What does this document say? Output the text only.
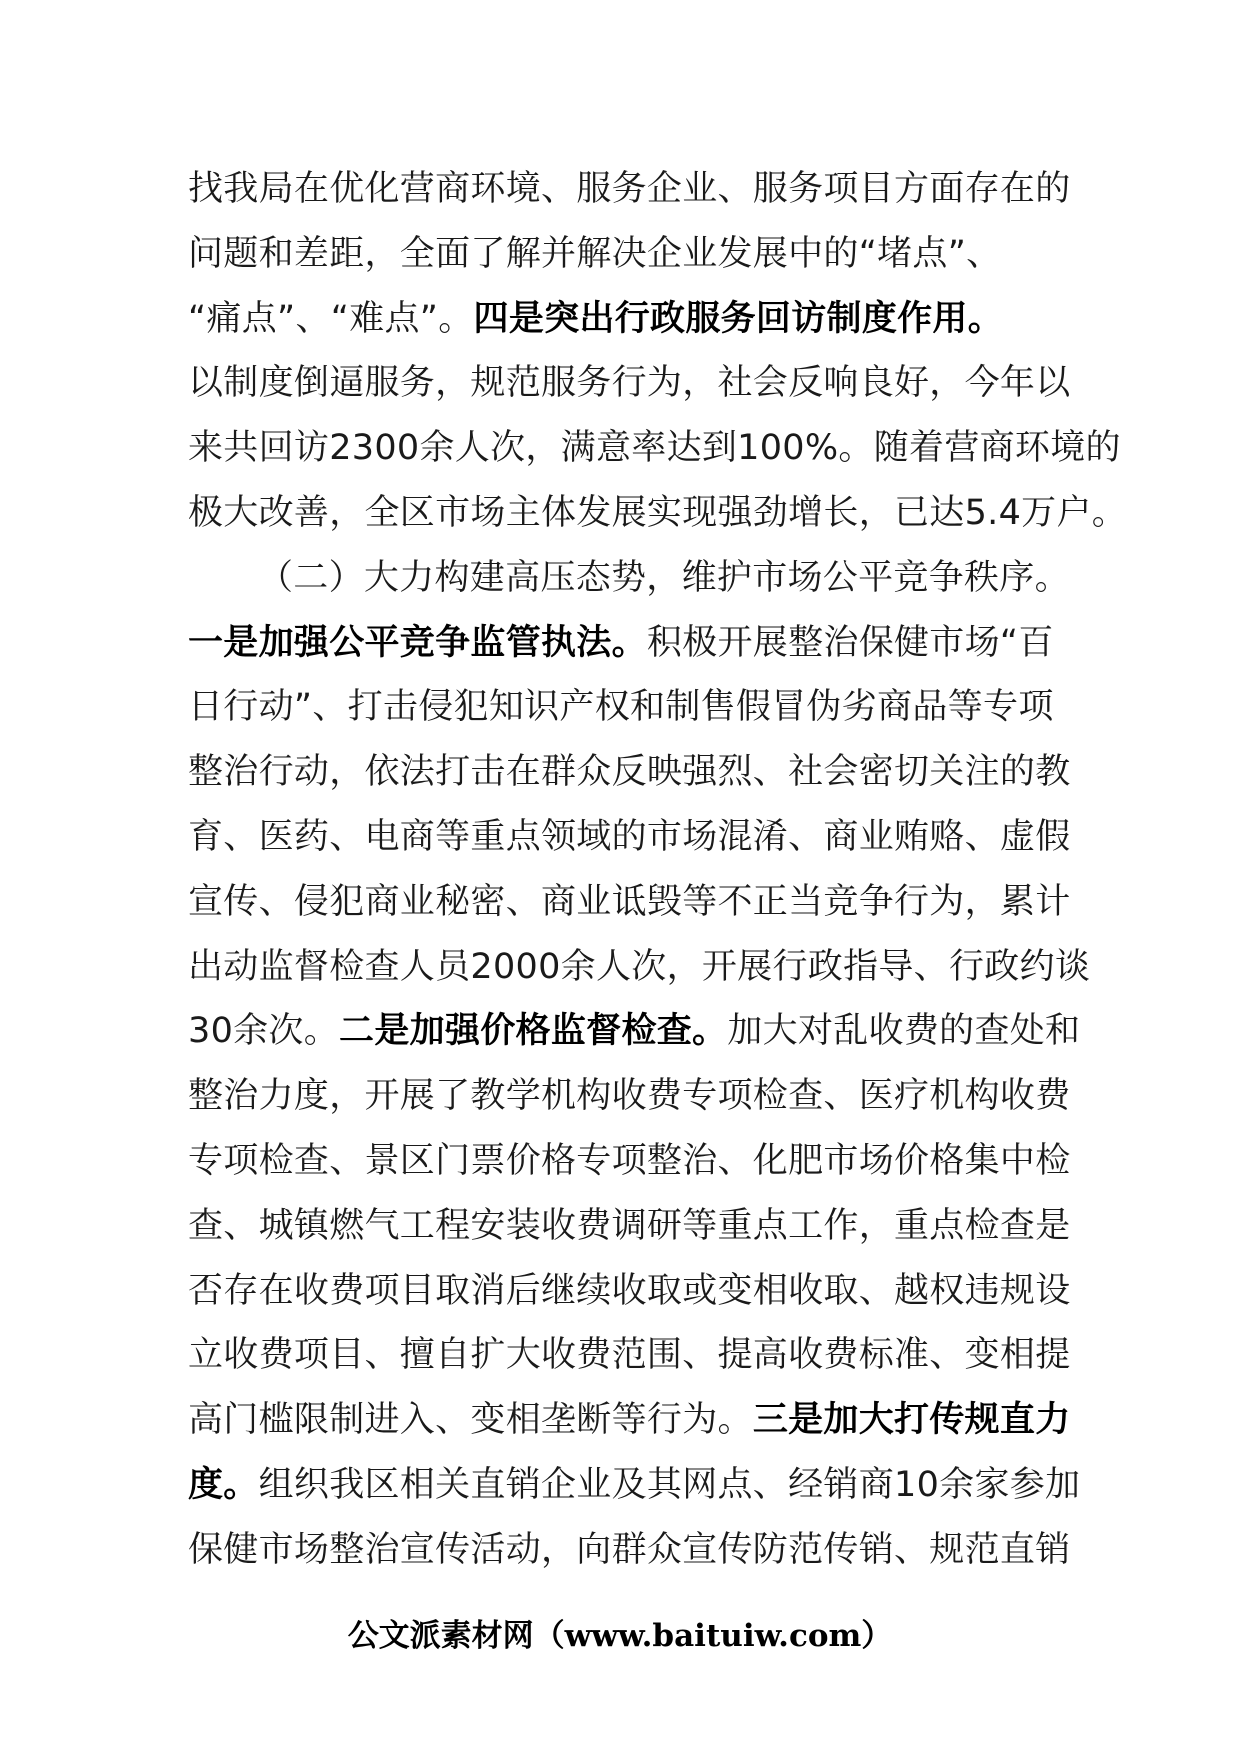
找我局在优化营商环境、服务企业、服务项目方面存在的
问题和差距，全面了解并解决企业发展中的“堵点”、
“痛点”、“难点”。四是突出行政服务回访制度作用。
以制度倒逼服务，规范服务行为，社会反响良好，今年以
来共回访2300余人次，满意率达到100%。随着营商环境的
极大改善，全区市场主体发展实现强劲增长，已达5.4万户。
（二）大力构建高压态势，维护市场公平竞争秩序。
一是加强公平竞争监管执法。积极开展整治保健市场“百
日行动”、打击侵犯知识产权和制售假冒伪劣商品等专项
整治行动，依法打击在群众反映强烈、社会密切关注的教
育、医药、电商等重点领域的市场混淆、商业贿赂、虚假
宣传、侵犯商业秘密、商业诋毁等不正当竞争行为，累计
出动监督检查人员2000余人次，开展行政指导、行政约谈
30余次。二是加强价格监督检查。加大对乱收费的查处和
整治力度，开展了教学机构收费专项检查、医疗机构收费
专项检查、景区门票价格专项整治、化肥市场价格集中检
查、城镇燃气工程安装收费调研等重点工作，重点检查是
否存在收费项目取消后继续收取或变相收取、越权违规设
立收费项目、擅自扩大收费范围、提高收费标准、变相提
高门槛限制进入、变相垄断等行为。三是加大打传规直力
度。组织我区相关直销企业及其网点、经销商10余家参加
保健市场整治宣传活动，向群众宣传防范传销、规范直销
公文派素材网（www.baituiw.com）
